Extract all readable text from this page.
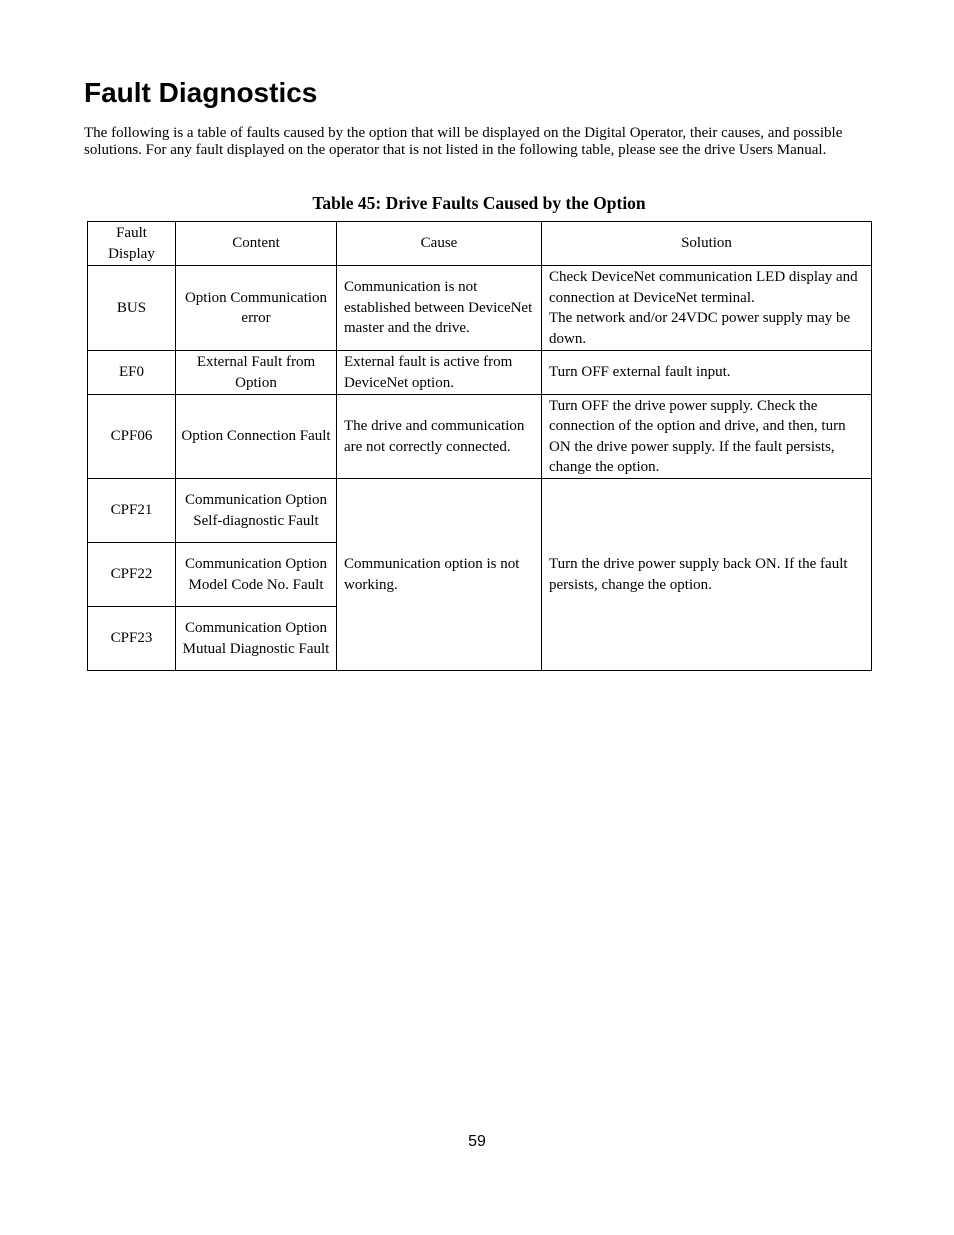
Fault Diagnostics

The following is a table of faults caused by the option that will be displayed on the Digital Operator, their causes, and possible solutions. For any fault displayed on the operator that is not listed in the following table, please see the drive Users Manual.

Table 45: Drive Faults Caused by the Option
Fault Display	Content	Cause	Solution
BUS	Option Communication error	Communication is not established between DeviceNet master and the drive.	Check DeviceNet communication LED display and connection at DeviceNet terminal.
The network and/or 24VDC power supply may be down.

EF0	External Fault from Option	External fault is active from DeviceNet option.	Turn OFF external fault input.
CPF06	Option Connection Fault	The drive and communication are not correctly connected.	Turn OFF the drive power supply. Check the connection of the option and drive, and then, turn ON the drive power supply. If the fault persists, change the option.
CPF21	Communication Option Self-diagnostic Fault	Communication option is not working.	Turn the drive power supply back ON. If the fault persists, change the option.
CPF22	Communication Option Model Code No. Fault		
CPF23	Communication Option Mutual Diagnostic Fault		
59
